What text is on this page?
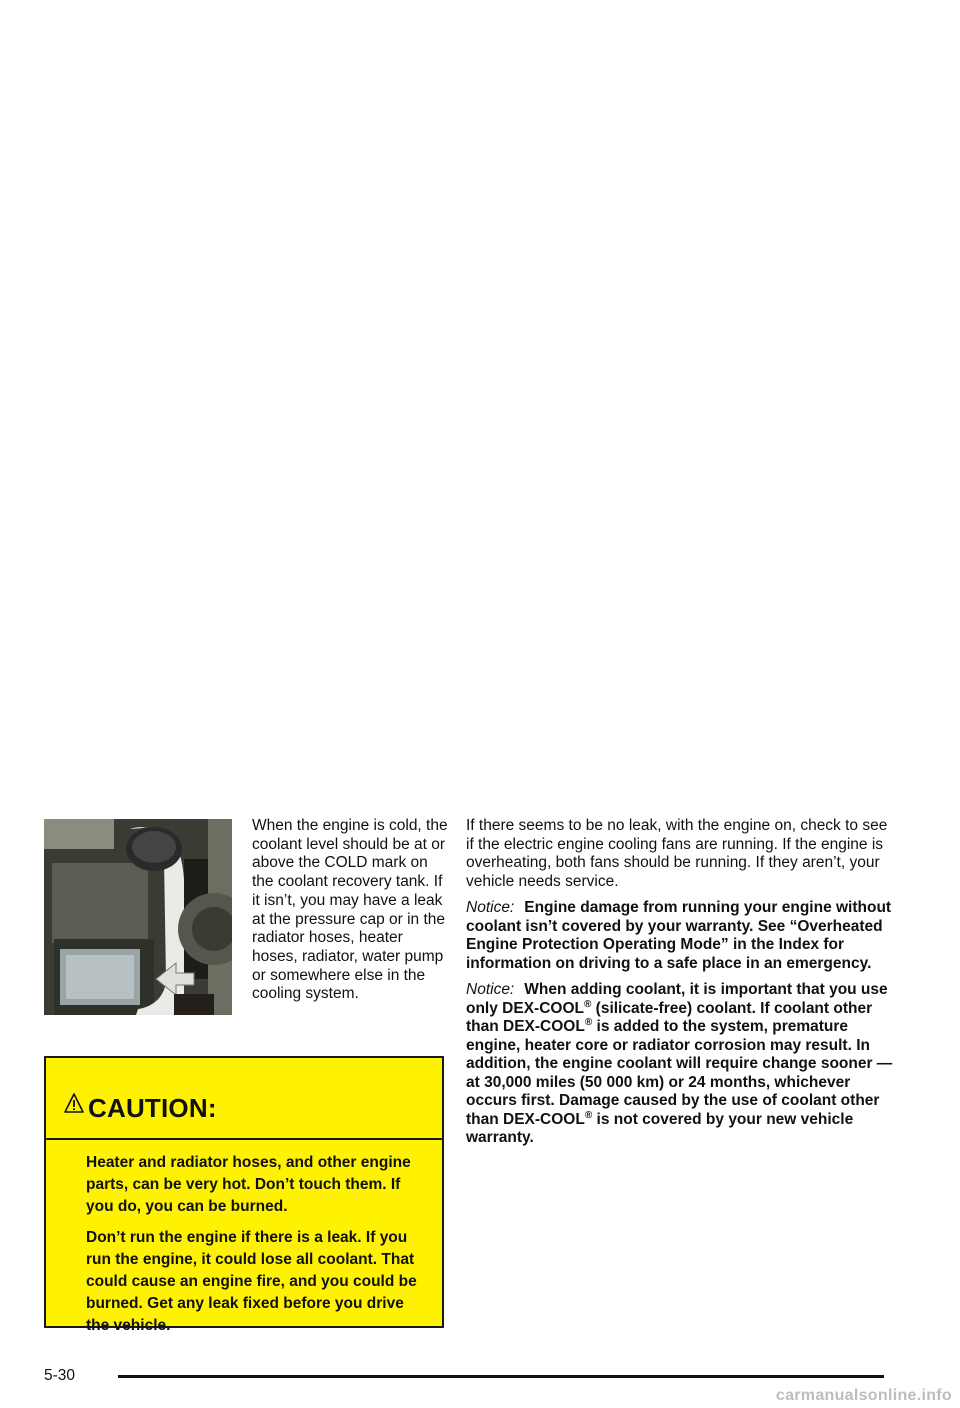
When the engine is cold, the coolant level should be at or above the COLD mark on the coolant recovery tank. If it isn’t, you may have a leak at the pressure cap or in the radiator hoses, heater hoses, radiator, water pump or somewhere else in the cooling system.

CAUTION:

Heater and radiator hoses, and other engine parts, can be very hot. Don’t touch them. If you do, you can be burned.

Don’t run the engine if there is a leak. If you run the engine, it could lose all coolant. That could cause an engine fire, and you could be burned. Get any leak fixed before you drive the vehicle.

If there seems to be no leak, with the engine on, check to see if the electric engine cooling fans are running. If the engine is overheating, both fans should be running. If they aren’t, your vehicle needs service.

Notice: Engine damage from running your engine without coolant isn’t covered by your warranty. See “Overheated Engine Protection Operating Mode” in the Index for information on driving to a safe place in an emergency.

Notice: When adding coolant, it is important that you use only DEX-COOL® (silicate-free) coolant. If coolant other than DEX-COOL® is added to the system, premature engine, heater core or radiator corrosion may result. In addition, the engine coolant will require change sooner — at 30,000 miles (50 000 km) or 24 months, whichever occurs first. Damage caused by the use of coolant other than DEX-COOL® is not covered by your new vehicle warranty.

5-30
carmanualsonline.info
